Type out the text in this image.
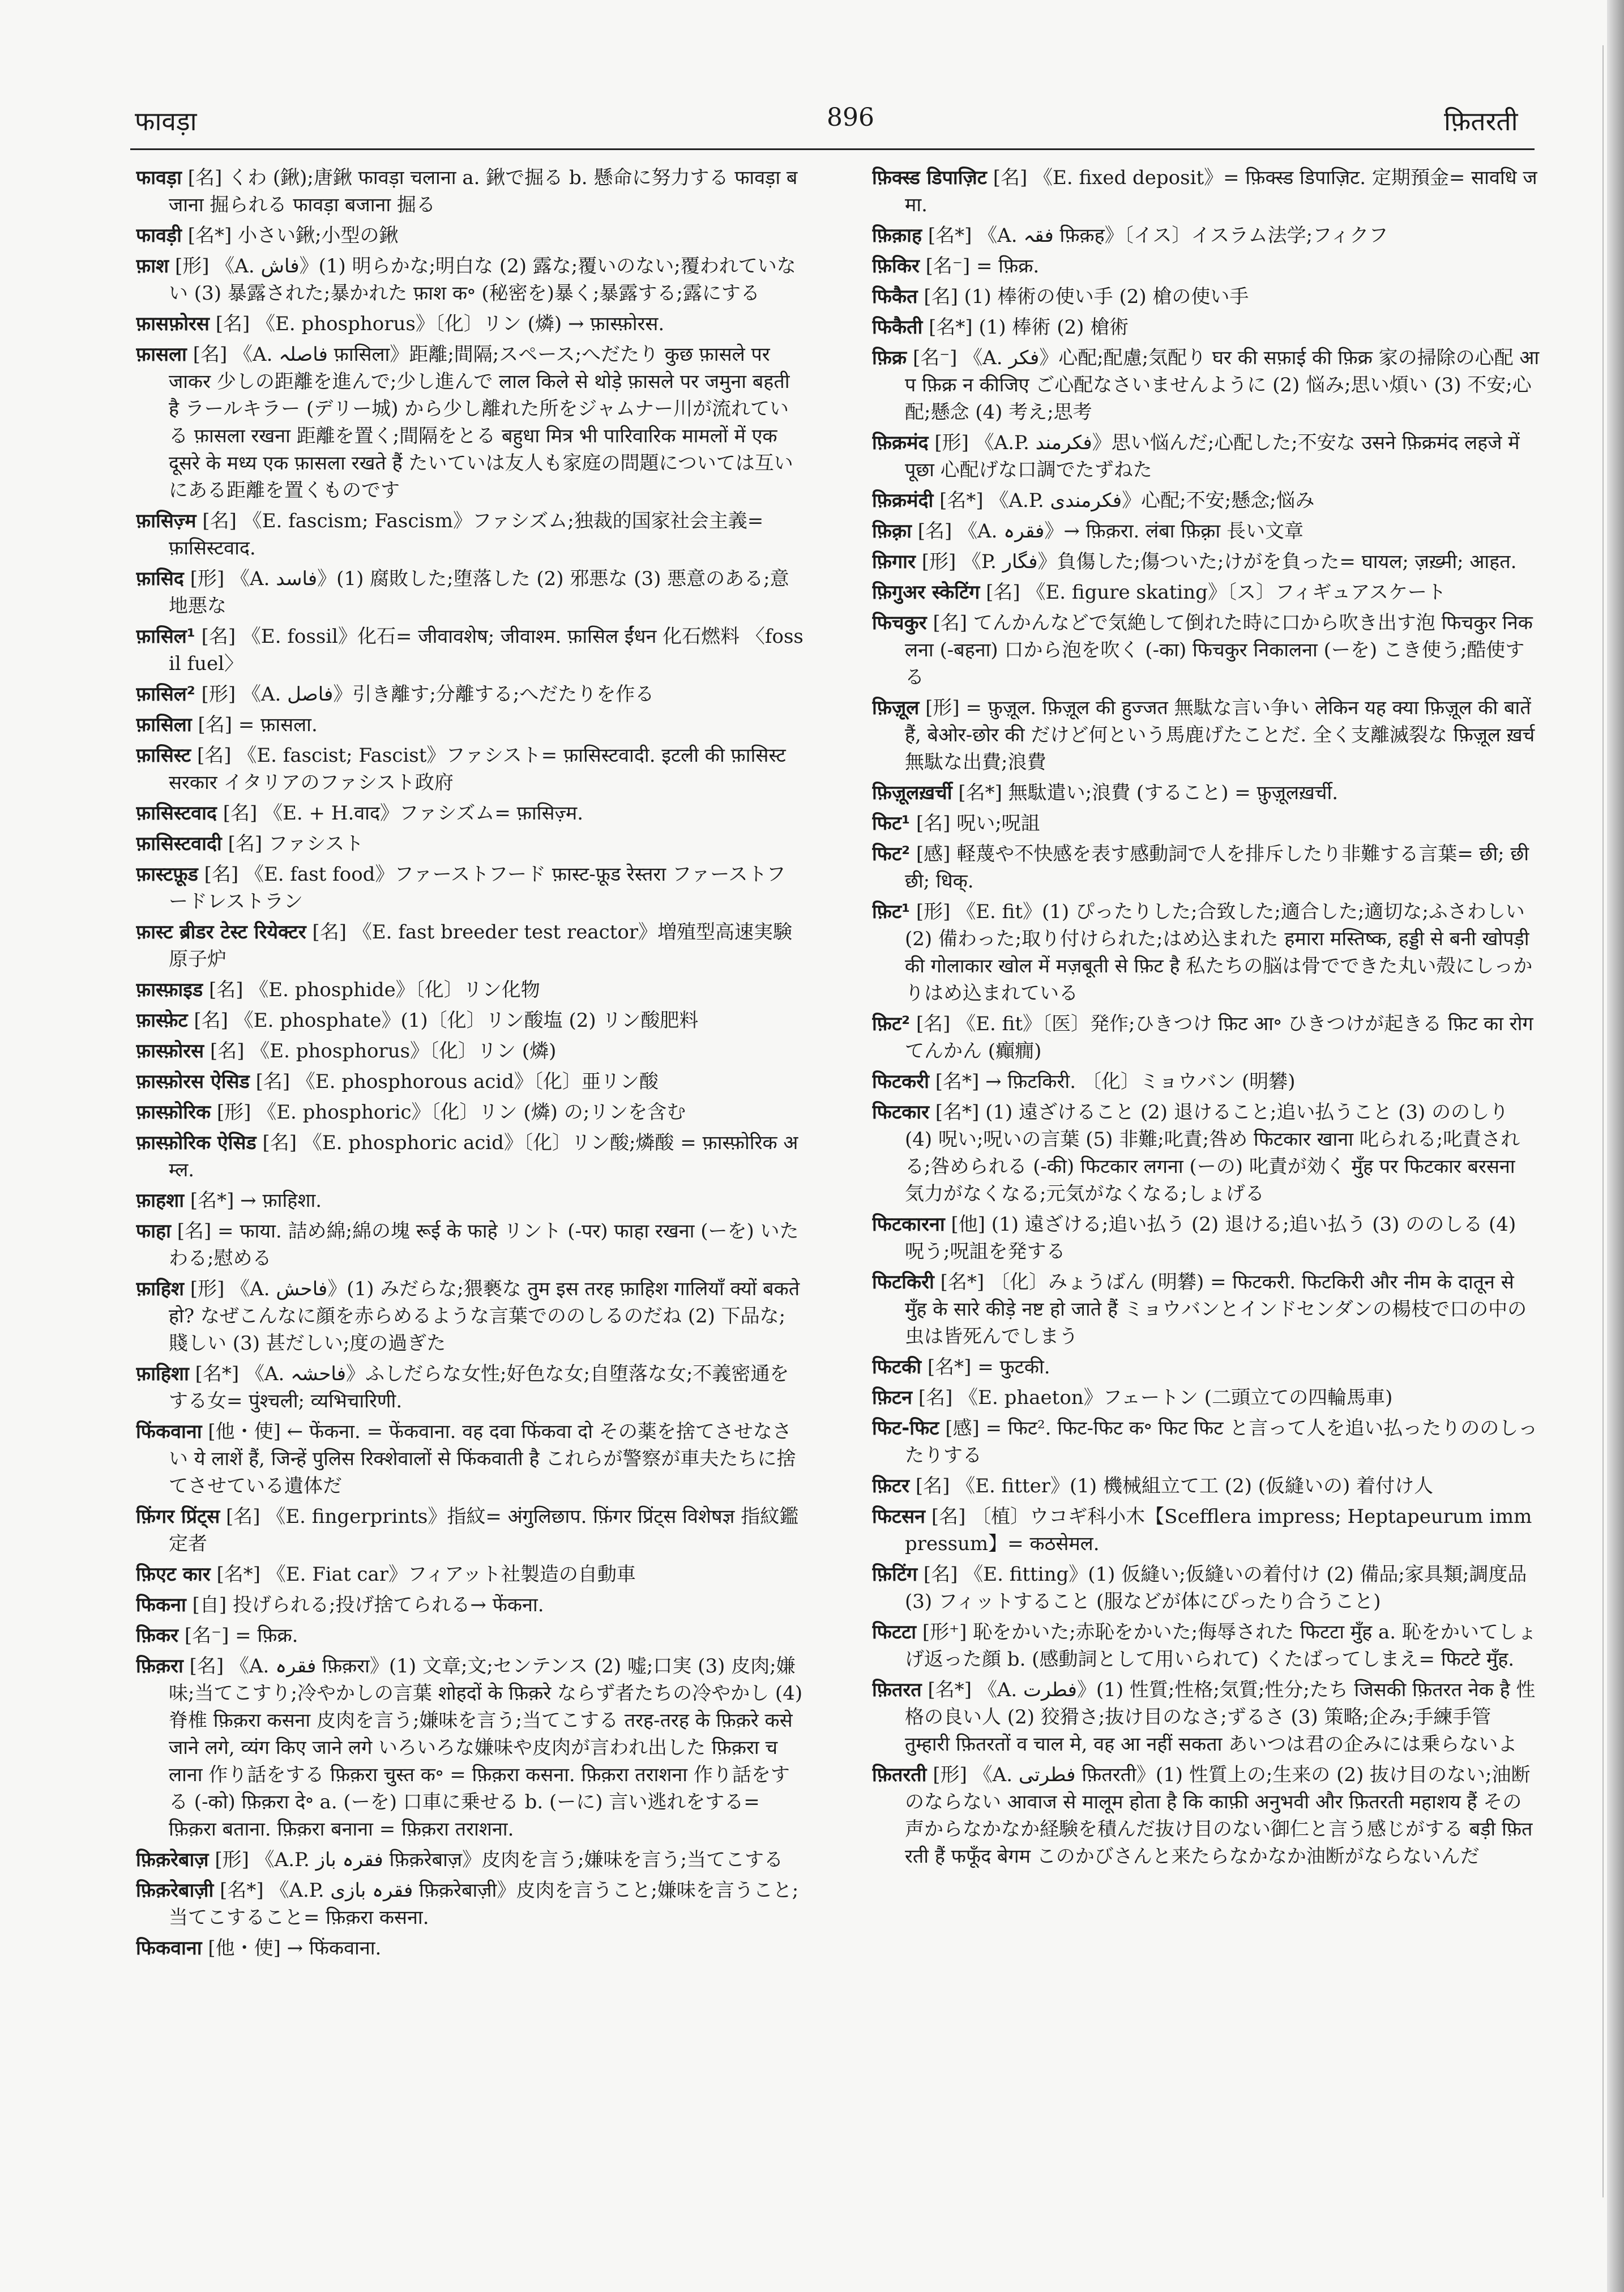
फावड़ा	896	फ़ितरती

फावड़ा [名] くわ (鍬);唐鍬 फावड़ा चलाना a. 鍬で掘る b. 懸命に努力する फावड़ा बजाना 掘られる फावड़ा बजाना 掘る

फावड़ी [名*] 小さい鍬;小型の鍬

फ़ाश [形] 《A. فاش》(1) 明らかな;明白な (2) 露な;覆いのない;覆われていない (3) 暴露された;暴かれた फ़ाश क॰ (秘密を)暴く;暴露する;露にする

फ़ासफ़ोरस [名] 《E. phosphorus》〔化〕リン (燐) → फ़ास्फ़ोरस.

फ़ासला [名] 《A. فاصلہ फ़ासिला》距離;間隔;スペース;へだたり कुछ फ़ासले पर जाकर 少しの距離を進んで;少し進んで लाल किले से थोड़े फ़ासले पर जमुना बहती है ラールキラー (デリー城) から少し離れた所をジャムナー川が流れている फ़ासला रखना 距離を置く;間隔をとる बहुधा मित्र भी पारिवारिक मामलों में एक दूसरे के मध्य एक फ़ासला रखते हैं たいていは友人も家庭の問題については互いにある距離を置くものです

फ़ासिज़्म [名] 《E. fascism; Fascism》ファシズム;独裁的国家社会主義= फ़ासिस्टवाद.

फ़ासिद [形] 《A. فاسد》(1) 腐敗した;堕落した (2) 邪悪な (3) 悪意のある;意地悪な

फ़ासिल¹ [名] 《E. fossil》化石= जीवावशेष; जीवाश्म. फ़ासिल ईंधन 化石燃料 〈fossil fuel〉

फ़ासिल² [形] 《A. فاصل》引き離す;分離する;へだたりを作る

फ़ासिला [名] = फ़ासला.

फ़ासिस्ट [名] 《E. fascist; Fascist》ファシスト= फ़ासिस्टवादी. इटली की फ़ासिस्ट सरकार イタリアのファシスト政府

फ़ासिस्टवाद [名] 《E. + H.वाद》ファシズム= फ़ासिज़्म.

फ़ासिस्टवादी [名] ファシスト

फ़ास्टफ़ूड [名] 《E. fast food》ファーストフード फ़ास्ट-फ़ूड रेस्तरा ファーストフードレストラン

फ़ास्ट ब्रीडर टेस्ट रियेक्टर [名] 《E. fast breeder test reactor》増殖型高速実験原子炉

फ़ास्फ़ाइड [名] 《E. phosphide》〔化〕リン化物

फ़ास्फ़ेट [名] 《E. phosphate》(1)〔化〕リン酸塩 (2) リン酸肥料

फ़ास्फ़ोरस [名] 《E. phosphorus》〔化〕リン (燐)

फ़ास्फ़ोरस ऐसिड [名] 《E. phosphorous acid》〔化〕亜リン酸

फ़ास्फ़ोरिक [形] 《E. phosphoric》〔化〕リン (燐) の;リンを含む

फ़ास्फ़ोरिक ऐसिड [名] 《E. phosphoric acid》〔化〕リン酸;燐酸 = फ़ास्फ़ोरिक अम्ल.

फ़ाहशा [名*] → फ़ाहिशा.

फाहा [名] = फाया. 詰め綿;綿の塊 रूई के फाहे リント (-पर) फाहा रखना (ーを) いたわる;慰める

फ़ाहिश [形] 《A. فاحش》(1) みだらな;猥褻な तुम इस तरह फ़ाहिश गालियाँ क्यों बकते हो? なぜこんなに顔を赤らめるような言葉でののしるのだね (2) 下品な;賤しい (3) 甚だしい;度の過ぎた

फ़ाहिशा [名*] 《A. فاحشہ》ふしだらな女性;好色な女;自堕落な女;不義密通をする女= पुंश्चली; व्यभिचारिणी.

फिंकवाना [他・使] ← फेंकना. = फेंकवाना. वह दवा फिंकवा दो その薬を捨てさせなさい ये लाशें हैं, जिन्हें पुलिस रिक्शेवालों से फिंकवाती है これらが警察が車夫たちに捨てさせている遺体だ

फ़िंगर प्रिंट्स [名] 《E. fingerprints》指紋= अंगुलिछाप. फ़िंगर प्रिंट्स विशेषज्ञ 指紋鑑定者

फ़िएट कार [名*] 《E. Fiat car》フィアット社製造の自動車

फिकना [自] 投げられる;投げ捨てられる→ फेंकना.

फ़िकर [名⁻] = फ़िक्र.

फ़िक़रा [名] 《A. فقرہ फ़िक़रा》(1) 文章;文;センテンス (2) 嘘;口実 (3) 皮肉;嫌味;当てこすり;冷やかしの言葉 शोहदों के फ़िक़रे ならず者たちの冷やかし (4) 脊椎 फ़िक़रा कसना 皮肉を言う;嫌味を言う;当てこする तरह-तरह के फ़िक़रे कसे जाने लगे, व्यंग किए जाने लगे いろいろな嫌味や皮肉が言われ出した फ़िक़रा चलाना 作り話をする फ़िक़रा चुस्त क॰ = फ़िक़रा कसना. फ़िक़रा तराशना 作り話をする (-को) फ़िक़रा दे॰ a. (ーを) 口車に乗せる b. (ーに) 言い逃れをする= फ़िक़रा बताना. फ़िक़रा बनाना = फ़िक़रा तराशना.

फ़िक़रेबाज़ [形] 《A.P. فقرہ باز फ़िक़रेबाज़》皮肉を言う;嫌味を言う;当てこする

फ़िक़रेबाज़ी [名*] 《A.P. فقرہ بازی फ़िक़रेबाज़ी》皮肉を言うこと;嫌味を言うこと;当てこすること= फ़िक़रा कसना.

फिकवाना [他・使] → फिंकवाना.

फ़िक्स्ड डिपाज़िट [名] 《E. fixed deposit》= फ़िक्स्ड डिपाज़िट. 定期預金= सावधि जमा.

फ़िक़ाह [名*] 《A. فقہ फ़िक़ह》〔イス〕イスラム法学;フィクフ

फ़िकिर [名⁻] = फ़िक्र.

फिकैत [名] (1) 棒術の使い手 (2) 槍の使い手

फिकैती [名*] (1) 棒術 (2) 槍術

फ़िक्र [名⁻] 《A. فکر》心配;配慮;気配り घर की सफ़ाई की फ़िक्र 家の掃除の心配 आप फ़िक्र न कीजिए ご心配なさいませんように (2) 悩み;思い煩い (3) 不安;心配;懸念 (4) 考え;思考

फ़िक्रमंद [形] 《A.P. فکرمند》思い悩んだ;心配した;不安な उसने फ़िक्रमंद लहजे में पूछा 心配げな口調でたずねた

फ़िक्रमंदी [名*] 《A.P. فکرمندی》心配;不安;懸念;悩み

फ़िक़्रा [名] 《A. فقرہ》→ फ़िक़रा. लंबा फ़िक़्रा 長い文章

फ़िगार [形] 《P. فگار》負傷した;傷ついた;けがを負った= घायल; ज़ख़्मी; आहत.

फ़िगुअर स्केटिंग [名] 《E. figure skating》〔ス〕フィギュアスケート

फिचकुर [名] てんかんなどで気絶して倒れた時に口から吹き出す泡 फिचकुर निकलना (-बहना) 口から泡を吹く (-का) फिचकुर निकालना (ーを) こき使う;酷使する

फ़िज़ूल [形] = फ़ुज़ूल. फ़िज़ूल की हुज्जत 無駄な言い争い लेकिन यह क्या फ़िज़ूल की बातें हैं, बेओर-छोर की だけど何という馬鹿げたことだ. 全く支離滅裂な फ़िज़ूल ख़र्च 無駄な出費;浪費

फ़िज़ूलख़र्ची [名*] 無駄遣い;浪費 (すること) = फ़ुज़ूलख़र्ची.

फिट¹ [名] 呪い;呪詛

फिट² [感] 軽蔑や不快感を表す感動詞で人を排斥したり非難する言葉= छी; छी छी; धिक्.

फ़िट¹ [形] 《E. fit》(1) ぴったりした;合致した;適合した;適切な;ふさわしい (2) 備わった;取り付けられた;はめ込まれた हमारा मस्तिष्क, हड्डी से बनी खोपड़ी की गोलाकार खोल में मज़बूती से फ़िट है 私たちの脳は骨でできた丸い殻にしっかりはめ込まれている

फ़िट² [名] 《E. fit》〔医〕発作;ひきつけ फ़िट आ॰ ひきつけが起きる फ़िट का रोग てんかん (癲癇)

फिटकरी [名*] → फ़िटकिरी. 〔化〕ミョウバン (明礬)

फिटकार [名*] (1) 遠ざけること (2) 退けること;追い払うこと (3) ののしり (4) 呪い;呪いの言葉 (5) 非難;叱責;咎め फिटकार खाना 叱られる;叱責される;咎められる (-की) फिटकार लगना (ーの) 叱責が効く मुँह पर फिटकार बरसना 気力がなくなる;元気がなくなる;しょげる

फिटकारना [他] (1) 遠ざける;追い払う (2) 退ける;追い払う (3) ののしる (4) 呪う;呪詛を発する

फिटकिरी [名*] 〔化〕みょうばん (明礬) = फिटकरी. फिटकिरी और नीम के दातून से मुँह के सारे कीड़े नष्ट हो जाते हैं ミョウバンとインドセンダンの楊枝で口の中の虫は皆死んでしまう

फिटकी [名*] = फुटकी.

फ़िटन [名] 《E. phaeton》フェートン (二頭立ての四輪馬車)

फिट-फिट [感] = फिट². फिट-फिट क॰ फिट फिट と言って人を追い払ったりののしったりする

फ़िटर [名] 《E. fitter》(1) 機械組立て工 (2) (仮縫いの) 着付け人

फिटसन [名] 〔植〕ウコギ科小木【Scefflera impress; Heptapeurum immpressum】= कठसेमल.

फ़िटिंग [名] 《E. fitting》(1) 仮縫い;仮縫いの着付け (2) 備品;家具類;調度品 (3) フィットすること (服などが体にぴったり合うこと)

फिटटा [形⁺] 恥をかいた;赤恥をかいた;侮辱された फिटटा मुँह a. 恥をかいてしょげ返った顔 b. (感動詞として用いられて) くたばってしまえ= फिटटे मुँह.

फ़ितरत [名*] 《A. فطرت》(1) 性質;性格;気質;性分;たち जिसकी फ़ितरत नेक है 性格の良い人 (2) 狡猾さ;抜け目のなさ;ずるさ (3) 策略;企み;手練手管 तुम्हारी फ़ितरतों व चाल मे, वह आ नहीं सकता あいつは君の企みには乗らないよ

फ़ितरती [形] 《A. فطرتی फ़ितरती》(1) 性質上の;生来の (2) 抜け目のない;油断のならない आवाज से मालूम होता है कि काफ़ी अनुभवी और फ़ितरती महाशय हैं その声からなかなか経験を積んだ抜け目のない御仁と言う感じがする बड़ी फ़ितरती हैं फफूँद बेगम このかびさんと来たらなかなか油断がならないんだ
